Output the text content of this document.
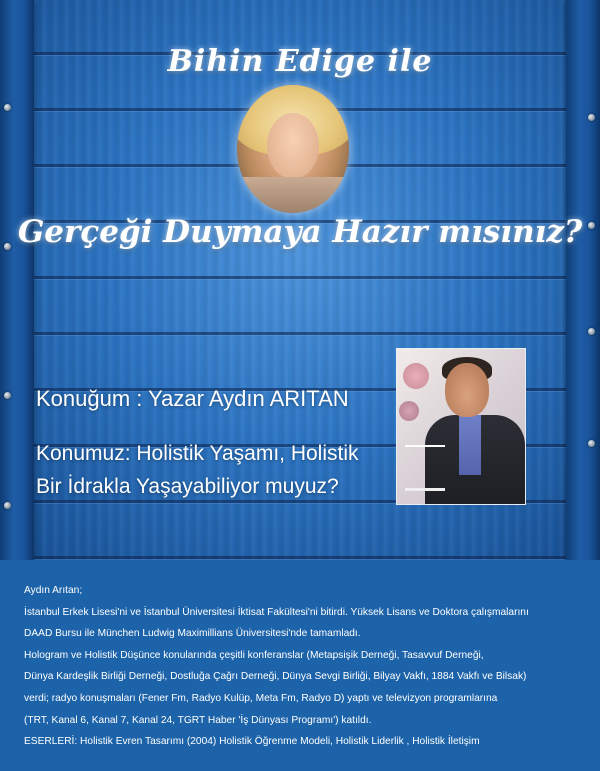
Bihin Edige ile
Gerçeği Duymaya Hazır mısınız?
Konuğum : Yazar Aydın ARITAN
Konumuz: Holistik Yaşamı, Holistik
Bir İdrakla Yaşayabiliyor muyuz?

Aydın Arıtan;

İstanbul Erkek Lisesi'ni ve İstanbul Üniversitesi İktisat Fakültesi'ni bitirdi. Yüksek Lisans ve Doktora çalışmalarını

DAAD Bursu ile München Ludwig Maximillians Üniversitesi'nde tamamladı.

Hologram ve Holistik Düşünce konularında çeşitli konferanslar (Metapsişik Derneği, Tasavvuf Derneği,

Dünya Kardeşlik Birliği Derneği, Dostluğa Çağrı Derneği, Dünya Sevgi Birliği, Bilyay Vakfı, 1884 Vakfı ve Bilsak)

verdi; radyo konuşmaları (Fener Fm, Radyo Kulüp, Meta Fm, Radyo D) yaptı ve televizyon programlarına

(TRT, Kanal 6, Kanal 7, Kanal 24, TGRT Haber 'İş Dünyası Programı') katıldı.

ESERLERİ: Holistik Evren Tasarımı (2004) Holistik Öğrenme Modeli, Holistik Liderlik , Holistik İletişim
